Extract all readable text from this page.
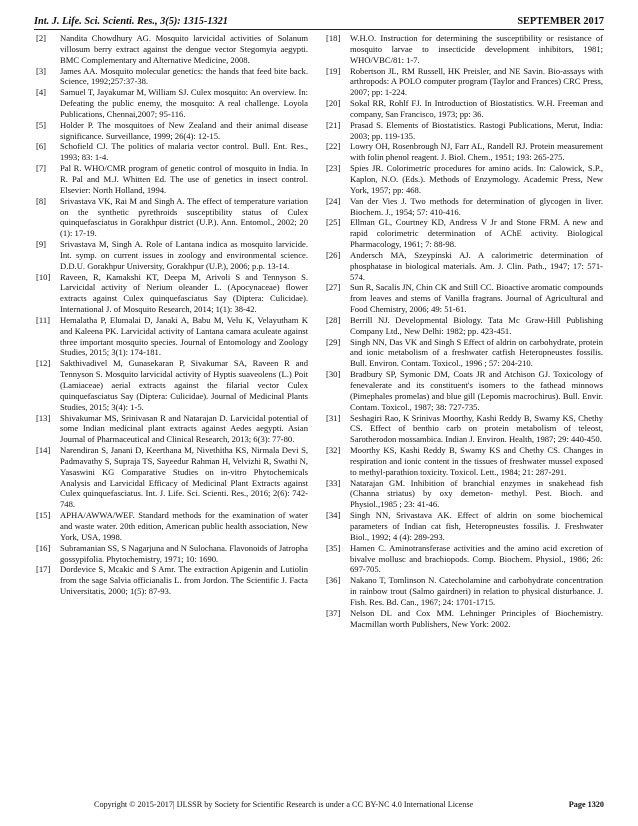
Int. J. Life. Sci. Scienti. Res., 3(5): 1315-1321	SEPTEMBER 2017
[2]	Nandita Chowdhury AG. Mosquito larvicidal activities of Solanum villosum berry extract against the dengue vector Stegomyia aegypti. BMC Complementary and Alternative Medicine, 2008.
[3]	James AA. Mosquito molecular genetics: the hands that feed bite back. Science, 1992;257:37-38.
[4]	Samuel T, Jayakumar M, William SJ. Culex mosquito: An overview. In: Defeating the public enemy, the mosquito: A real challenge. Loyola Publications, Chennai,2007; 95-116.
[5]	Holder P. The mosquitoes of New Zealand and their animal disease significance. Surveillance, 1999; 26(4): 12-15.
[6]	Schofield CJ. The politics of malaria vector control. Bull. Ent. Res., 1993; 83: 1-4.
[7]	Pal R. WHO/CMR program of genetic control of mosquito in India. In R. Pal and M.J. Whitten Ed. The use of genetics in insect control. Elsevier: North Holland, 1994.
[8]	Srivastava VK, Rai M and Singh A. The effect of temperature variation on the synthetic pyrethroids susceptibility status of Culex quinquefasciatus in Gorakhpur district (U.P.). Ann. Entomol., 2002; 20 (1): 17-19.
[9]	Srivastava M, Singh A. Role of Lantana indica as mosquito larvicide. Int. symp. on current issues in zoology and environmental science. D.D.U. Gorakhpur University, Gorakhpur (U.P.), 2006; p.p. 13-14.
[10]	Raveen, R, Kamakshi KT, Deepa M, Arivoli S and Tennyson S. Larvicidal activity of Nerium oleander L. (Apocynaceae) flower extracts against Culex quinquefasciatus Say (Diptera: Culicidae). International J. of Mosquito Research, 2014; 1(1): 38-42.
[11]	Hemalatha P, Elumalai D, Janaki A, Babu M, Velu K, Velayutham K and Kaleena PK. Larvicidal activity of Lantana camara aculeate against three important mosquito species. Journal of Entomology and Zoology Studies, 2015; 3(1): 174-181.
[12]	Sakthivadivel M, Gunasekaran P, Sivakumar SA, Raveen R and Tennyson S. Mosquito larvicidal activity of Hyptis suaveolens (L.) Poit (Lamiaceae) aerial extracts against the filarial vector Culex quinquefasciatus Say (Diptera: Culicidae). Journal of Medicinal Plants Studies, 2015; 3(4): 1-5.
[13]	Shivakumar MS, Srinivasan R and Natarajan D. Larvicidal potential of some Indian medicinal plant extracts against Aedes aegypti. Asian Journal of Pharmaceutical and Clinical Research, 2013; 6(3): 77-80.
[14]	Narendiran S, Janani D, Keerthana M, Nivethitha KS, Nirmala Devi S, Padmavathy S, Supraja TS, Sayeedur Rahman H, Velvizhi R, Swathi N, Yasaswini KG Comparative Studies on in-vitro Phytochemicals Analysis and Larvicidal Efficacy of Medicinal Plant Extracts against Culex quinquefasciatus. Int. J. Life. Sci. Scienti. Res., 2016; 2(6): 742-748.
[15]	APHA/AWWA/WEF. Standard methods for the examination of water and waste water. 20th edition, American public health association, New York, USA, 1998.
[16]	Subramanian SS, S Nagarjuna and N Sulochana. Flavonoids of Jatropha gossypifolia. Phytochemistry, 1971; 10: 1690.
[17]	Dordevice S, Mcakic and S Amr. The extraction Apigenin and Lutiolin from the sage Salvia officianalis L. from Jordon. The Scientific J. Facta Universitatis, 2000; 1(5): 87-93.
[18]	W.H.O. Instruction for determining the susceptibility or resistance of mosquito larvae to insecticide development inhibitors, 1981; WHO/VBC/81: 1-7.
[19]	Robertson JL, RM Russell, HK Preisler, and NE Savin. Bio-assays with arthropods: A POLO computer program (Taylor and Frances) CRC Press, 2007; pp: 1-224.
[20]	Sokal RR, Rohlf FJ. In Introduction of Biostatistics. W.H. Freeman and company, San Francisco, 1973; pp: 36.
[21]	Prasad S. Elements of Biostatistics. Rastogi Publications, Merut, India: 2003; pp. 119-135.
[22]	Lowry OH, Rosenbrough NJ, Farr AL, Randell RJ. Protein measurement with folin phenol reagent. J. Biol. Chem., 1951; 193: 265-275.
[23]	Spies JR. Colorimetric procedures for amino acids. In: Calowick, S.P., Kaplon, N.O. (Eds.). Methods of Enzymology. Academic Press, New York, 1957; pp: 468.
[24]	Van der Vies J. Two methods for determination of glycogen in liver. Biochem. J., 1954; 57: 410-416.
[25]	Ellman GL, Courtney KD, Andress V Jr and Stone FRM. A new and rapid colorimetric determination of AChE activity. Biological Pharmacology, 1961; 7: 88-98.
[26]	Andersch MA, Szeypinski AJ. A calorimetric determination of phosphatase in biological materials. Am. J. Clin. Path., 1947; 17: 571-574.
[27]	Sun R, Sacalis JN, Chin CK and Still CC. Bioactive aromatic compounds from leaves and stems of Vanilla fragrans. Journal of Agricultural and Food Chemistry, 2006; 49: 51-61.
[28]	Berrill NJ. Developmental Biology. Tata Mc Graw-Hill Publishing Company Ltd., New Delhi: 1982; pp. 423-451.
[29]	Singh NN, Das VK and Singh S Effect of aldrin on carbohydrate, protein and ionic metabolism of a freshwater catfish Heteropneustes fossilis. Bull. Environ. Contam. Toxicol., 1996 ; 57: 204-210.
[30]	Bradbury SP, Symonic DM, Coats JR and Atchison GJ. Toxicology of fenevalerate and its constituent's isomers to the fathead minnows (Pimephales promelas) and blue gill (Lepomis macrochirus). Bull. Envir. Contam. Toxicol., 1987; 38: 727-735.
[31]	Seshagiri Rao, K Srinivas Moorthy, Kashi Reddy B, Swamy KS, Chethy CS. Effect of benthio carb on protein metabolism of teleost, Sarotherodon mossambica. Indian J. Environ. Health, 1987; 29: 440-450.
[32]	Moorthy KS, Kashi Reddy B, Swamy KS and Chethy CS. Changes in respiration and ionic content in the tissues of freshwater mussel exposed to methyl-parathion toxicity. Toxicol. Lett., 1984; 21: 287-291.
[33]	Natarajan GM. Inhibition of branchial enzymes in snakehead fish (Channa striatus) by oxy demeton- methyl. Pest. Bioch. and Physiol.,1985 ; 23: 41-46.
[34]	Singh NN, Srivastava AK. Effect of aldrin on some biochemical parameters of Indian cat fish, Heteropneustes fossilis. J. Freshwater Biol., 1992; 4 (4): 289-293.
[35]	Hamen C. Aminotransferase activities and the amino acid excretion of bivalve mollusc and brachiopods. Comp. Biochem. Physiol., 1986; 26: 697-705.
[36]	Nakano T, Tomlinson N. Catecholamine and carbohydrate concentration in rainbow trout (Salmo gairdneri) in relation to physical disturbance. J. Fish. Res. Bd. Can., 1967; 24: 1701-1715.
[37]	Nelson DL and Cox MM. Lehninger Principles of Biochemistry. Macmillan worth Publishers, New York: 2002.
Copyright © 2015-2017| IJLSSR by Society for Scientific Research is under a CC BY-NC 4.0 International License	Page 1320
